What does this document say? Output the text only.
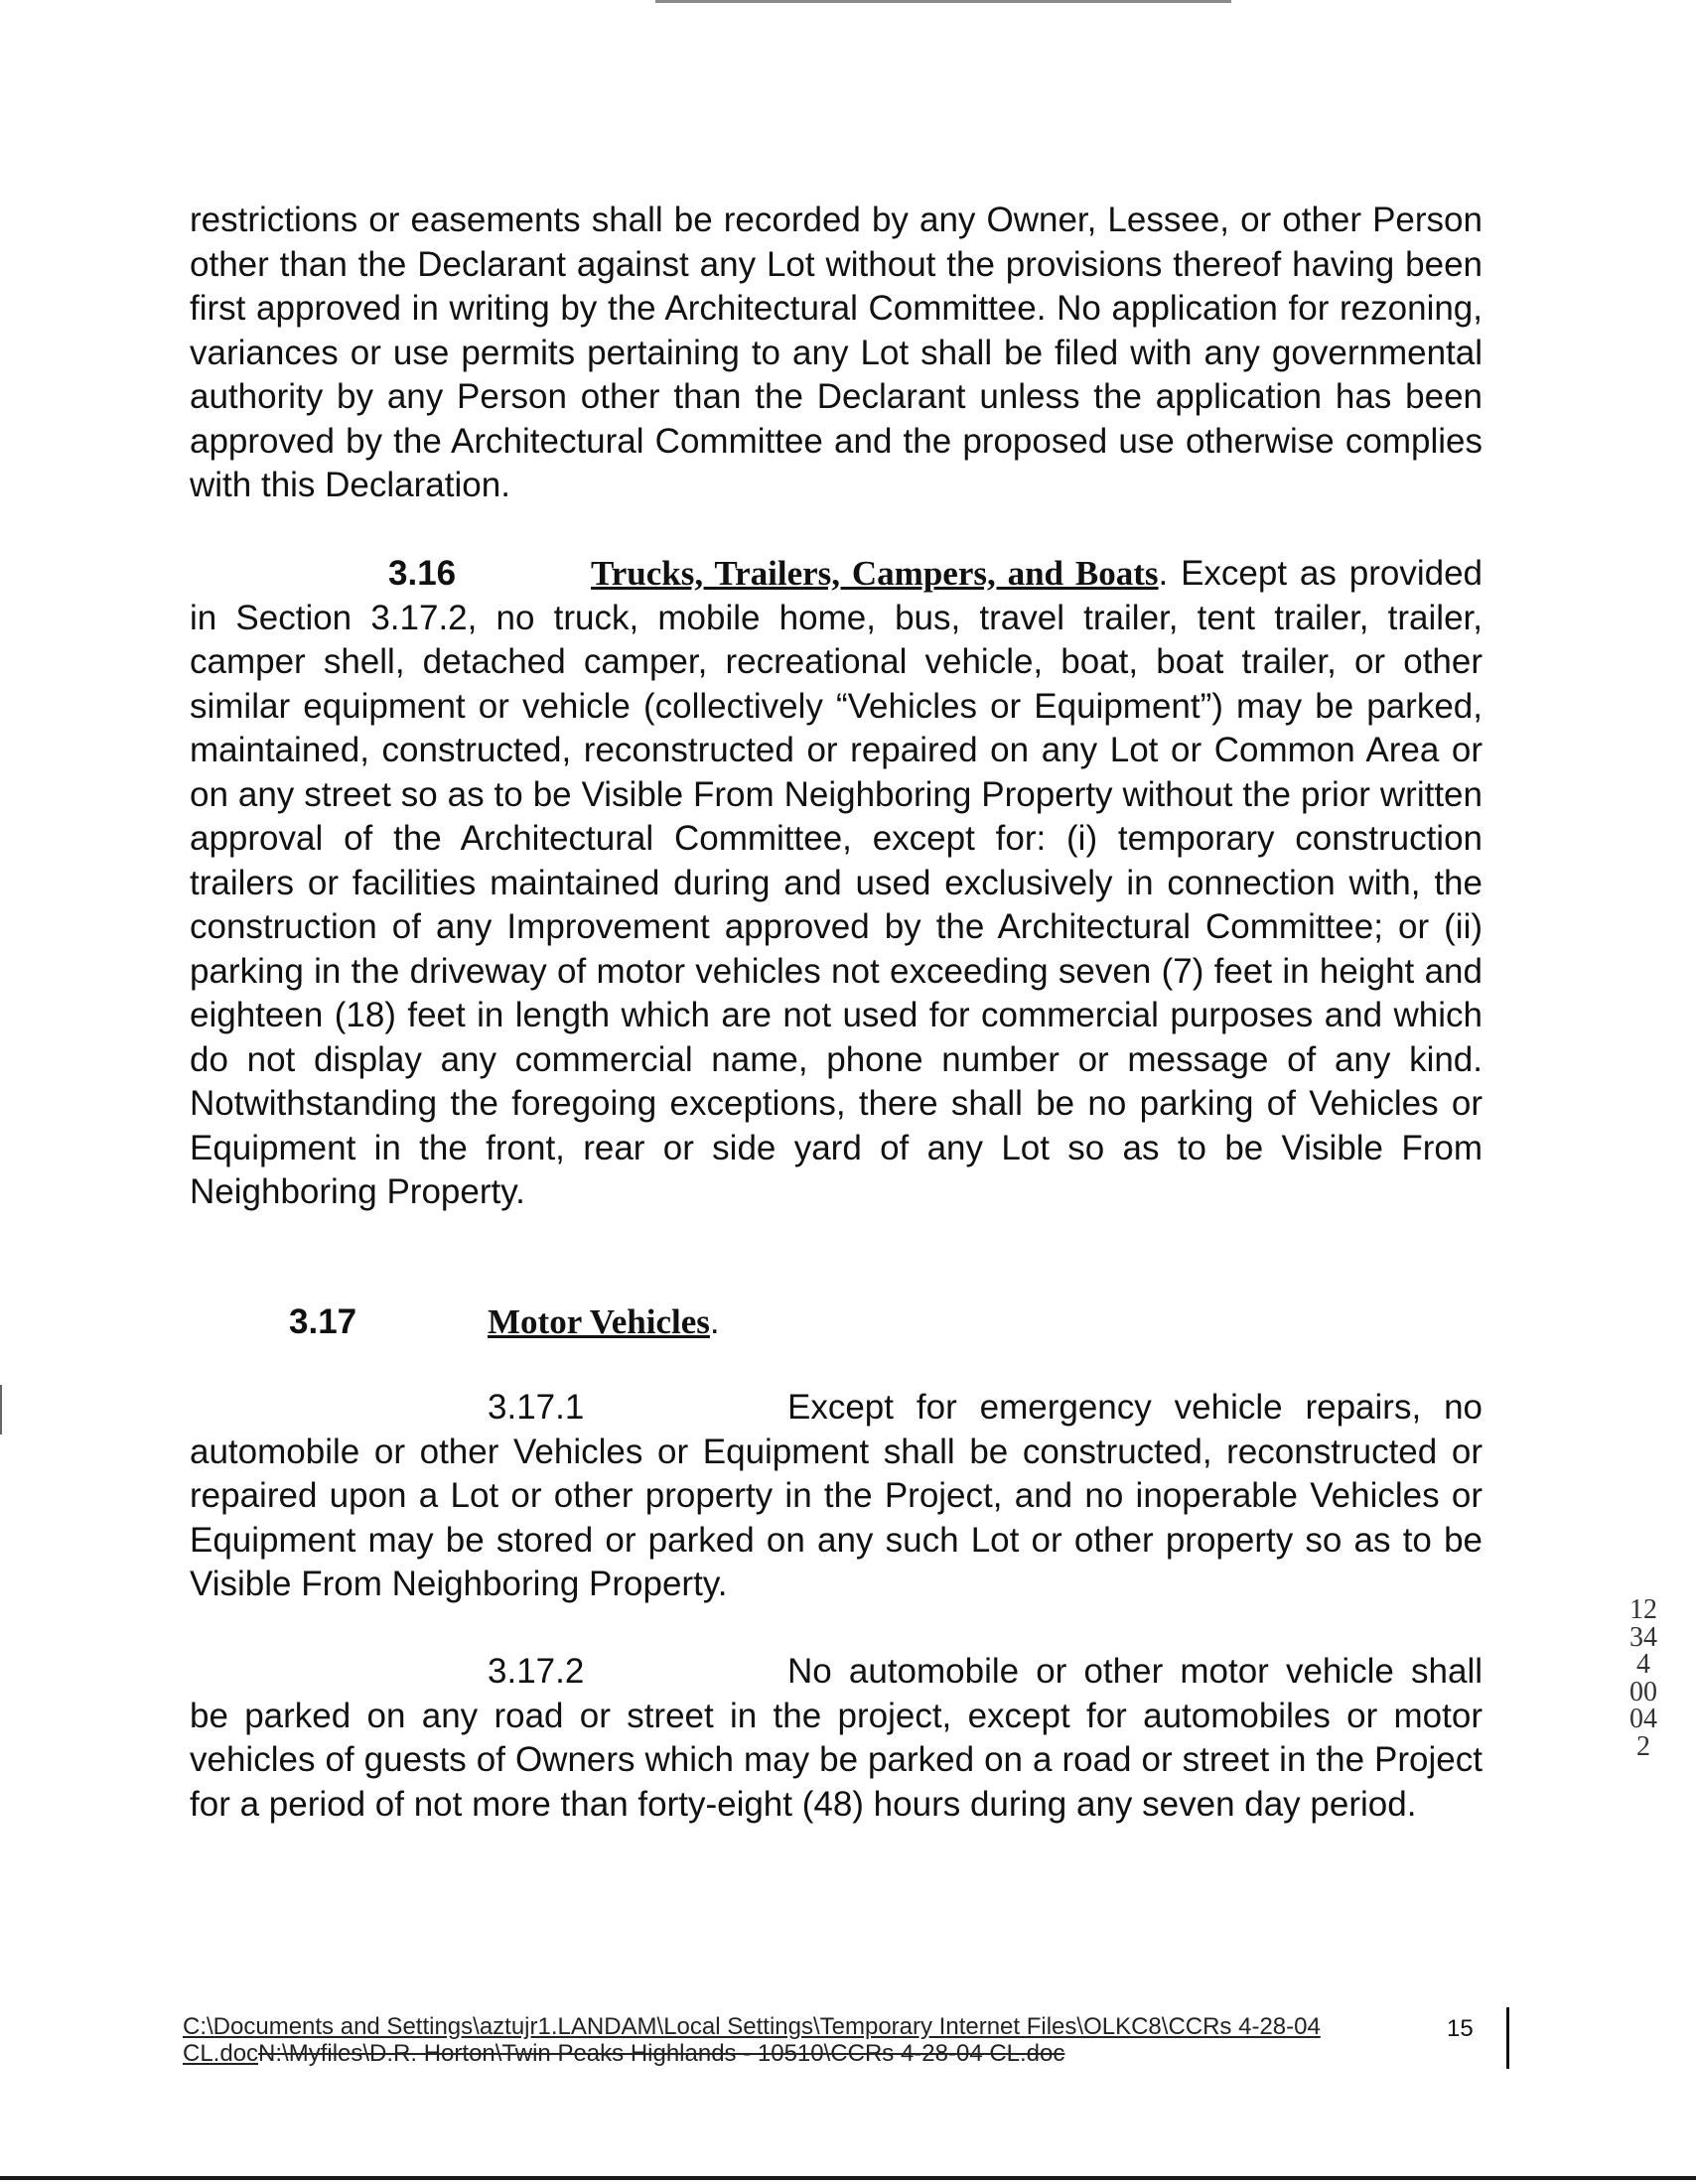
restrictions or easements shall be recorded by any Owner, Lessee, or other Person other than the Declarant against any Lot without the provisions thereof having been first approved in writing by the Architectural Committee. No application for rezoning, variances or use permits pertaining to any Lot shall be filed with any governmental authority by any Person other than the Declarant unless the application has been approved by the Architectural Committee and the proposed use otherwise complies with this Declaration.

3.16	Trucks, Trailers, Campers, and Boats. Except as provided in Section 3.17.2, no truck, mobile home, bus, travel trailer, tent trailer, trailer, camper shell, detached camper, recreational vehicle, boat, boat trailer, or other similar equipment or vehicle (collectively “Vehicles or Equipment”) may be parked, maintained, constructed, reconstructed or repaired on any Lot or Common Area or on any street so as to be Visible From Neighboring Property without the prior written approval of the Architectural Committee, except for: (i) temporary construction trailers or facilities maintained during and used exclusively in connection with, the construction of any Improvement approved by the Architectural Committee; or (ii) parking in the driveway of motor vehicles not exceeding seven (7) feet in height and eighteen (18) feet in length which are not used for commercial purposes and which do not display any commercial name, phone number or message of any kind. Notwithstanding the foregoing exceptions, there shall be no parking of Vehicles or Equipment in the front, rear or side yard of any Lot so as to be Visible From Neighboring Property.

3.17	Motor Vehicles.

3.17.1	Except for emergency vehicle repairs, no automobile or other Vehicles or Equipment shall be constructed, reconstructed or repaired upon a Lot or other property in the Project, and no inoperable Vehicles or Equipment may be stored or parked on any such Lot or other property so as to be Visible From Neighboring Property.

3.17.2	No automobile or other motor vehicle shall be parked on any road or street in the project, except for automobiles or motor vehicles of guests of Owners which may be parked on a road or street in the Project for a period of not more than forty-eight (48) hours during any seven day period.

12344 00042
C:\Documents and Settings\aztujr1.LANDAM\Local Settings\Temporary Internet Files\OLKC8\CCRs 4-28-04 CL.docN:\Myfiles\D.R. Horton\Twin Peaks Highlands - 10510\CCRs 4-28-04 CL.doc
15
